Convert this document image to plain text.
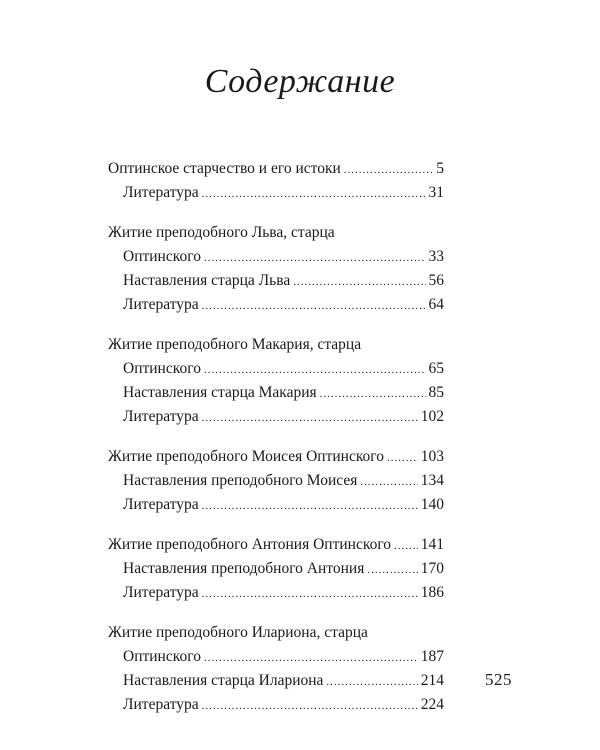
Содержание
Оптинское старчество и его истоки .....	5
Литература .....	31
Житие преподобного Льва, старца
Оптинского .....	33
Наставления старца Льва .....	56
Литература .....	64
Житие преподобного Макария, старца
Оптинского .....	65
Наставления старца Макария .....	85
Литература .....	102
Житие преподобного Моисея Оптинского ..... 103
Наставления преподобного Моисея .....	134
Литература .....	140
Житие преподобного Антония Оптинского ..... 141
Наставления преподобного Антония .....	170
Литература .....	186
Житие преподобного Илариона, старца
Оптинского .....	187
Наставления старца Илариона .....	214
Литература .....	224
525
